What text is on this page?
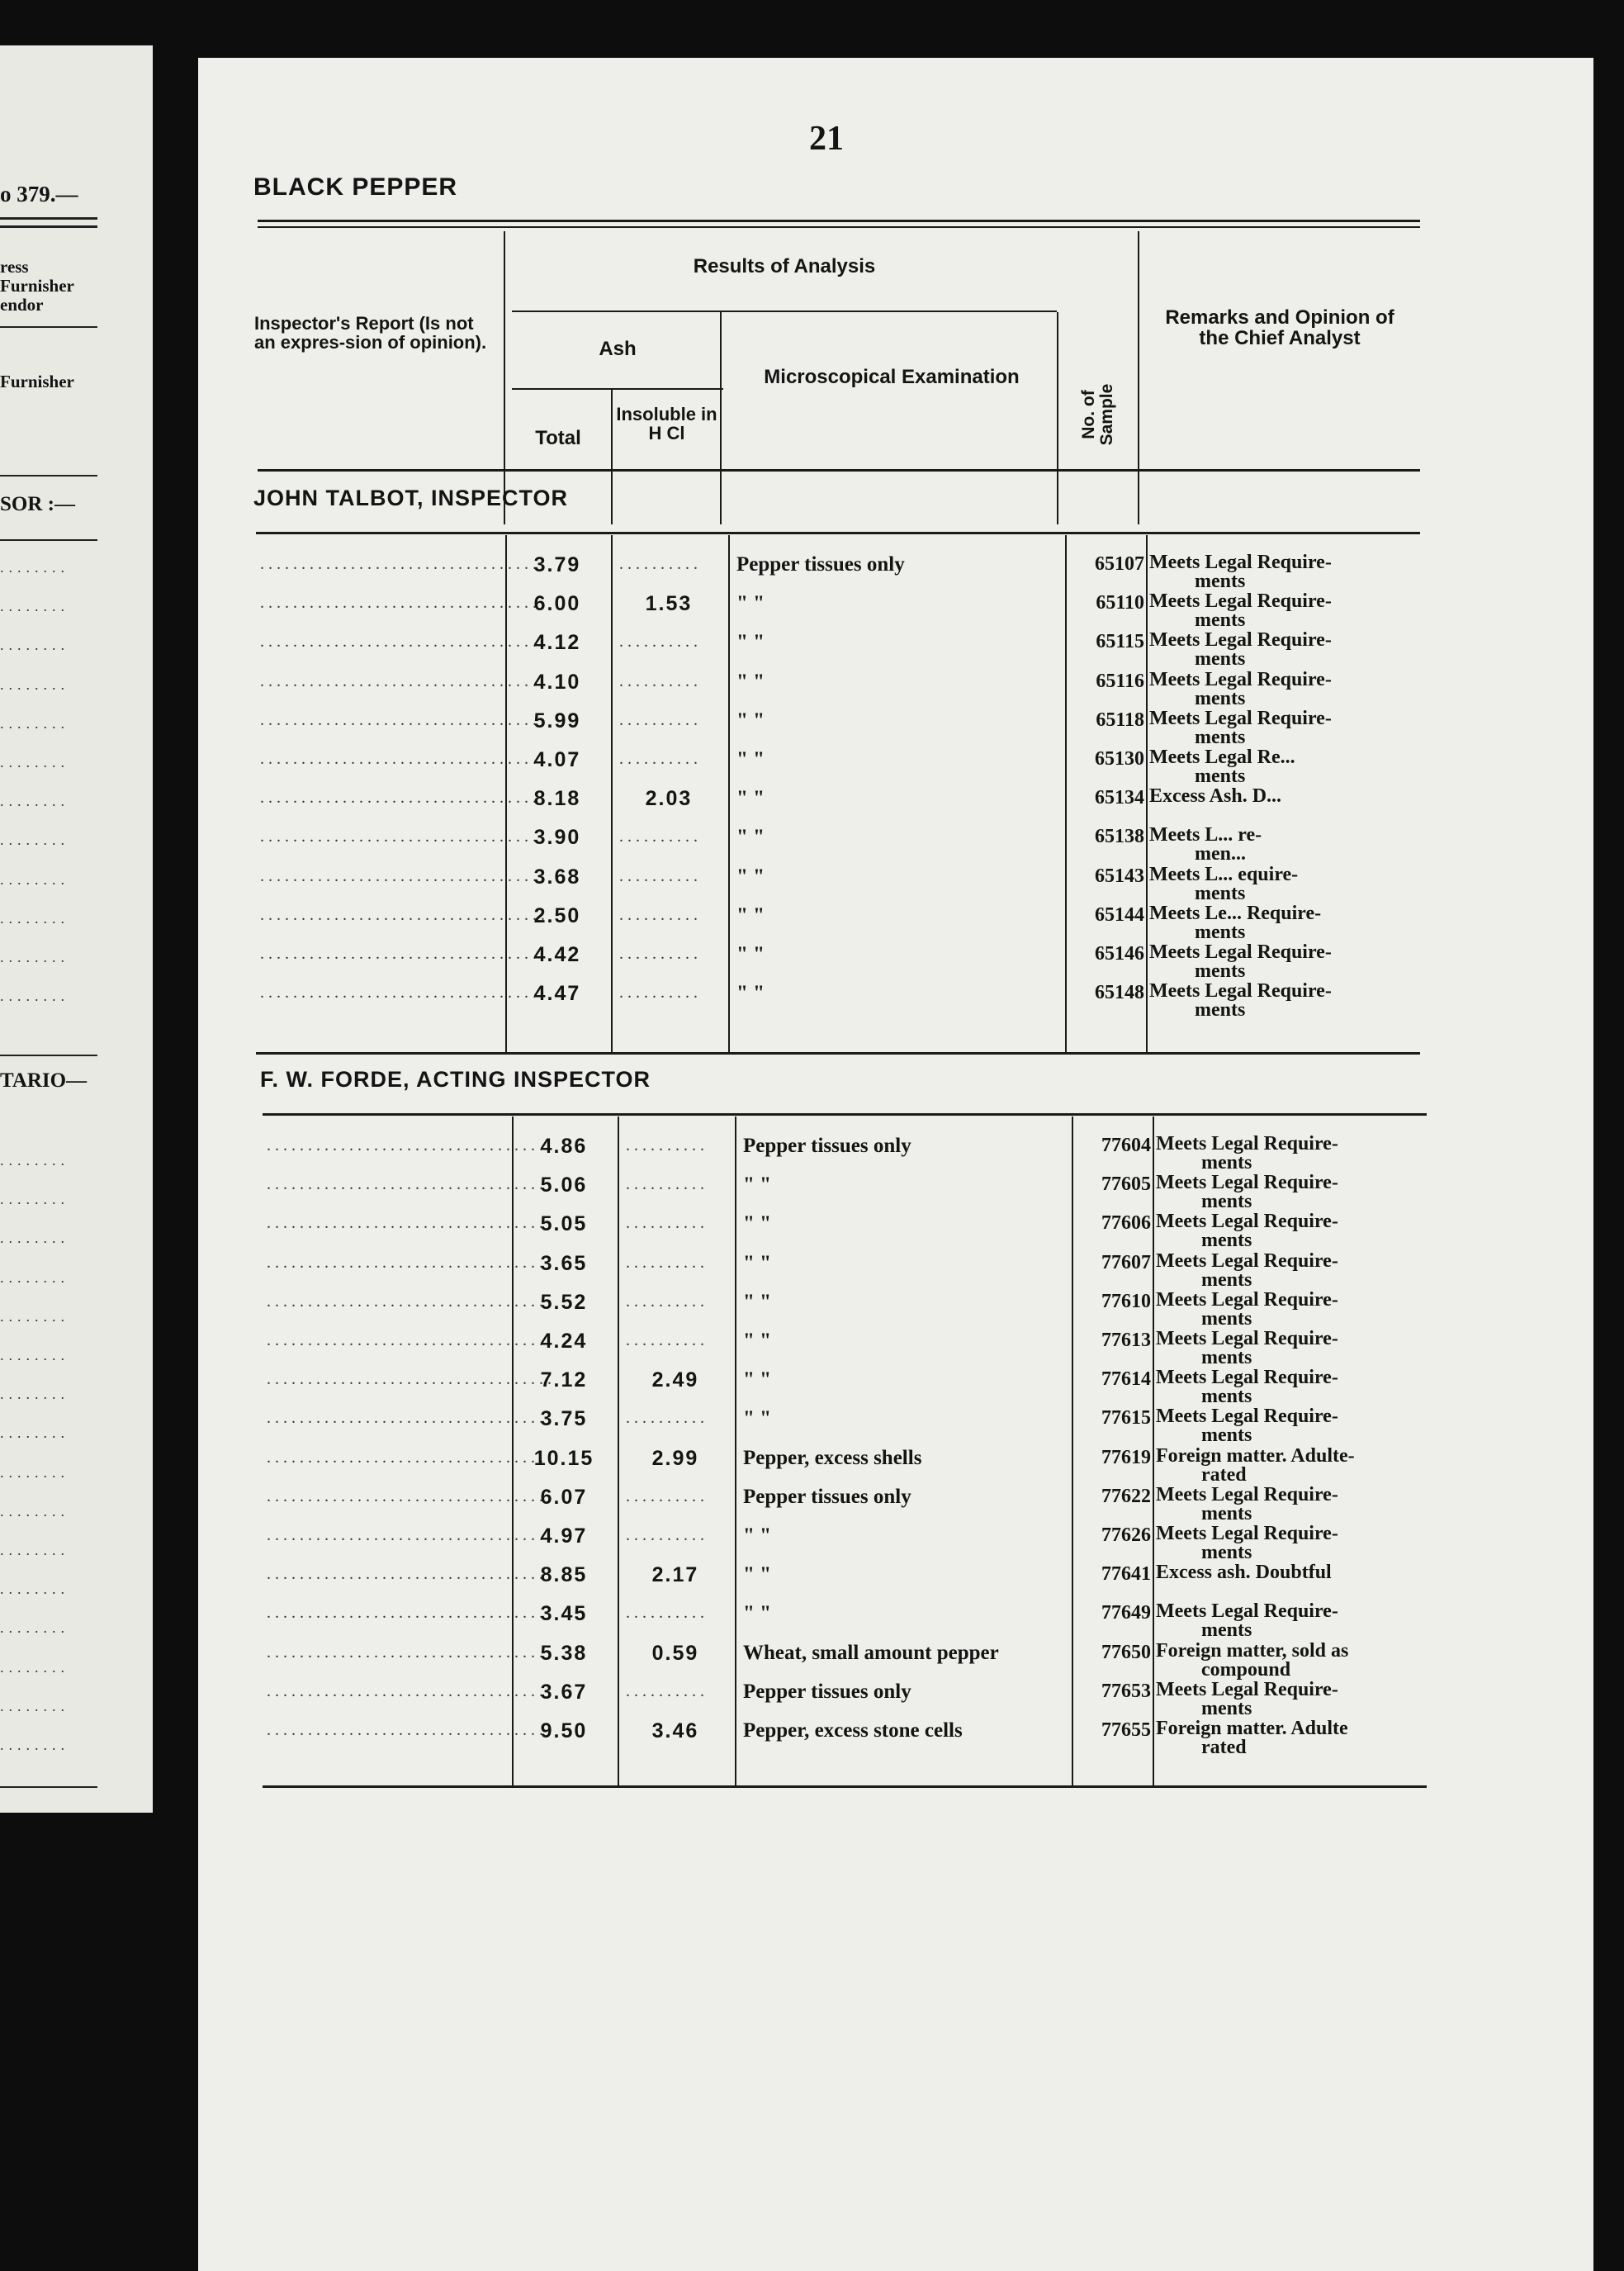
o 379.—
ress
Furnisher
endor
Furnisher
SOR :—
........
........
........
........
........
........
........
........
........
........
........
........
TARIO—
........
........
........
........
........
........
........
........
........
........
........
........
........
........
........
........
21
BLACK PEPPER
Inspector's Report (Is not an expres-sion of opinion).
Results of Analysis
Ash
Total
Insoluble in H Cl
Microscopical Examination
No. of Sample
Remarks and Opinion of the Chief Analyst
JOHN TALBOT, INSPECTOR
...................................
3.79	..........	Pepper tissues only	65107 Meets Legal Require-
ments
...................................
6.00	1.53	" "	65110 Meets Legal Require-
ments
...................................
4.12	..........	" "	65115 Meets Legal Require-
ments
...................................
4.10	..........	" "	65116 Meets Legal Require-
ments
...................................
5.99	..........	" "	65118 Meets Legal Require-
ments
...................................
4.07	..........	" "	65130 Meets Legal Re...
ments
...................................
8.18	2.03	" "	65134 Excess Ash. D...
...................................
3.90	..........	" "	65138 Meets L... re-
men...
...................................
3.68	..........	" "	65143 Meets L... equire-
ments
...................................
2.50	..........	" "	65144 Meets Le... Require-
ments
...................................
4.42	..........	" "	65146 Meets Legal Require-
ments
...................................
4.47	..........	" "	65148 Meets Legal Require-
ments
F. W. FORDE, ACTING INSPECTOR
...................................
4.86	..........	Pepper tissues only	77604 Meets Legal Require-
ments
...................................
5.06	..........	" "	77605 Meets Legal Require-
ments
...................................
5.05	..........	" "	77606 Meets Legal Require-
ments
...................................
3.65	..........	" "	77607 Meets Legal Require-
ments
...................................
5.52	..........	" "	77610 Meets Legal Require-
ments
...................................
4.24	..........	" "	77613 Meets Legal Require-
ments
...................................
7.12	2.49	" "	77614 Meets Legal Require-
ments
...................................
3.75	..........	" "	77615 Meets Legal Require-
ments
...................................
10.15	2.99	Pepper, excess shells	77619 Foreign matter. Adulte-
rated
...................................
6.07	..........	Pepper tissues only	77622 Meets Legal Require-
ments
...................................
4.97	..........	" "	77626 Meets Legal Require-
ments
...................................
8.85	2.17	" "	77641 Excess ash. Doubtful
...................................
3.45	..........	" "	77649 Meets Legal Require-
ments
...................................
5.38	0.59	Wheat, small amount pepper	77650 Foreign matter, sold as
compound
...................................
3.67	..........	Pepper tissues only	77653 Meets Legal Require-
ments
...................................
9.50	3.46	Pepper, excess stone cells	77655 Foreign matter. Adulte
rated
